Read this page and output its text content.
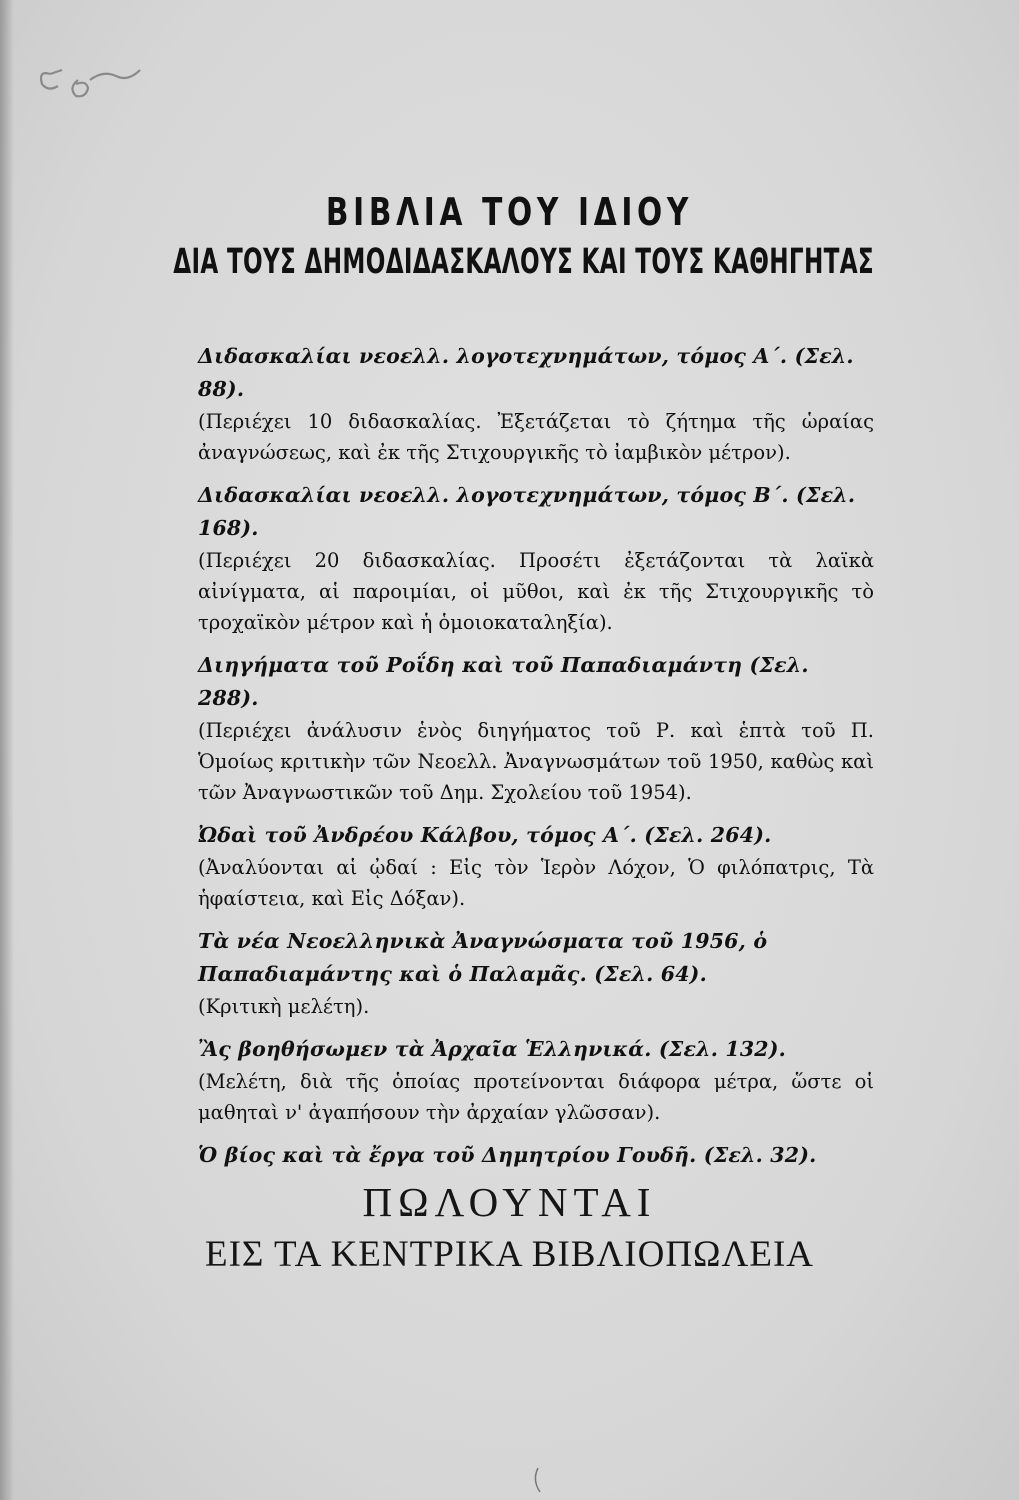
ΒΙΒΛΙΑ ΤΟΥ ΙΔΙΟΥ
ΔΙΑ ΤΟΥΣ ΔΗΜΟΔΙΔΑΣΚΑΛΟΥΣ ΚΑΙ ΤΟΥΣ ΚΑΘΗΓΗΤΑΣ
Διδασκαλίαι νεοελλ. λογοτεχνημάτων, τόμος Α΄. (Σελ. 88).
(Περιέχει 10 διδασκαλίας. Ἐξετάζεται τὸ ζήτημα τῆς ὡραίας ἀναγνώσεως, καὶ ἐκ τῆς Στιχουργικῆς τὸ ἰαμβικὸν μέτρον).
Διδασκαλίαι νεοελλ. λογοτεχνημάτων, τόμος Β΄. (Σελ. 168).
(Περιέχει 20 διδασκαλίας. Προσέτι ἐξετάζονται τὰ λαϊκὰ αἰνίγματα, αἱ παροιμίαι, οἱ μῦθοι, καὶ ἐκ τῆς Στιχουργικῆς τὸ τροχαϊκὸν μέτρον καὶ ἡ ὁμοιοκαταληξία).
Διηγήματα τοῦ Ροΐδη καὶ τοῦ Παπαδιαμάντη (Σελ. 288).
(Περιέχει ἀνάλυσιν ἑνὸς διηγήματος τοῦ Ρ. καὶ ἑπτὰ τοῦ Π. Ὁμοίως κριτικὴν τῶν Νεοελλ. Ἀναγνωσμάτων τοῦ 1950, καθὼς καὶ τῶν Ἀναγνωστικῶν τοῦ Δημ. Σχολείου τοῦ 1954).
Ὠδαὶ τοῦ Ἀνδρέου Κάλβου, τόμος Α΄. (Σελ. 264).
(Ἀναλύονται αἱ ᾠδαί : Εἰς τὸν Ἱερὸν Λόχον, Ὁ φιλόπατρις, Τὰ ἡφαίστεια, καὶ Εἰς Δόξαν).
Τὰ νέα Νεοελληνικὰ Ἀναγνώσματα τοῦ 1956, ὁ Παπαδιαμάντης καὶ ὁ Παλαμᾶς. (Σελ. 64).
(Κριτικὴ μελέτη).
Ἂς βοηθήσωμεν τὰ Ἀρχαῖα Ἑλληνικά. (Σελ. 132).
(Μελέτη, διὰ τῆς ὁποίας προτείνονται διάφορα μέτρα, ὥστε οἱ μαθηταὶ ν' ἀγαπήσουν τὴν ἀρχαίαν γλῶσσαν).
Ὁ βίος καὶ τὰ ἔργα τοῦ Δημητρίου Γουδῆ. (Σελ. 32).
ΠΩΛΟΥΝΤΑΙ
ΕΙΣ ΤΑ ΚΕΝΤΡΙΚΑ ΒΙΒΛΙΟΠΩΛΕΙΑ
